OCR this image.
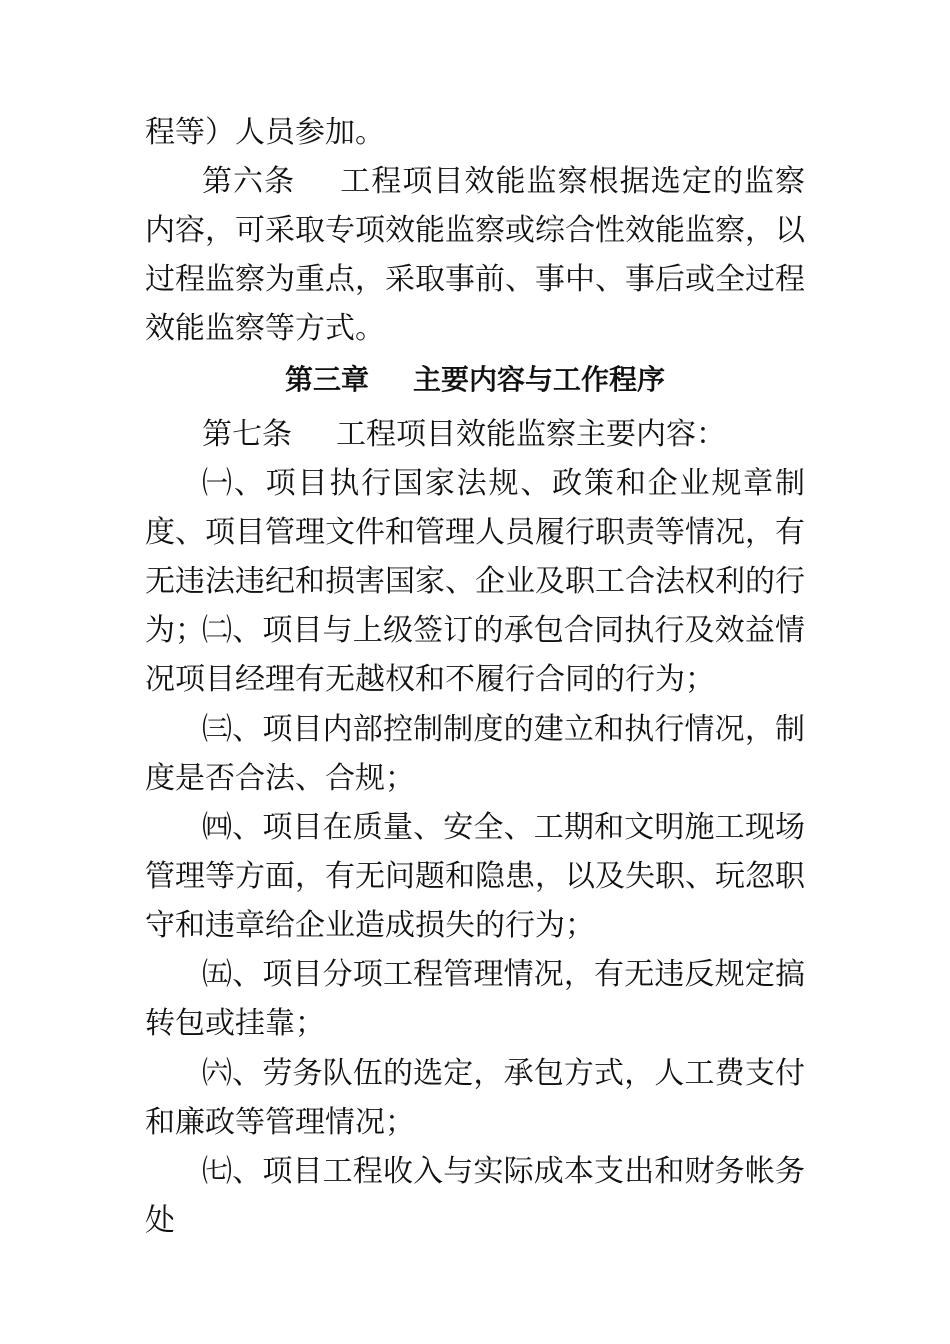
程等）人员参加。
第六条 工程项目效能监察根据选定的监察内容，可采取专项效能监察或综合性效能监察，以过程监察为重点，采取事前、事中、事后或全过程效能监察等方式。
第三章 主要内容与工作程序
第七条 工程项目效能监察主要内容：
㈠、项目执行国家法规、政策和企业规章制度、项目管理文件和管理人员履行职责等情况，有无违法违纪和损害国家、企业及职工合法权利的行为；
㈡、项目与上级签订的承包合同执行及效益情况项目经理有无越权和不履行合同的行为；
㈢、项目内部控制制度的建立和执行情况，制度是否合法、合规；
㈣、项目在质量、安全、工期和文明施工现场管理等方面，有无问题和隐患，以及失职、玩忽职守和违章给企业造成损失的行为；
㈤、项目分项工程管理情况，有无违反规定搞转包或挂靠；
㈥、劳务队伍的选定，承包方式，人工费支付和廉政等管理情况；
㈦、项目工程收入与实际成本支出和财务帐务处
